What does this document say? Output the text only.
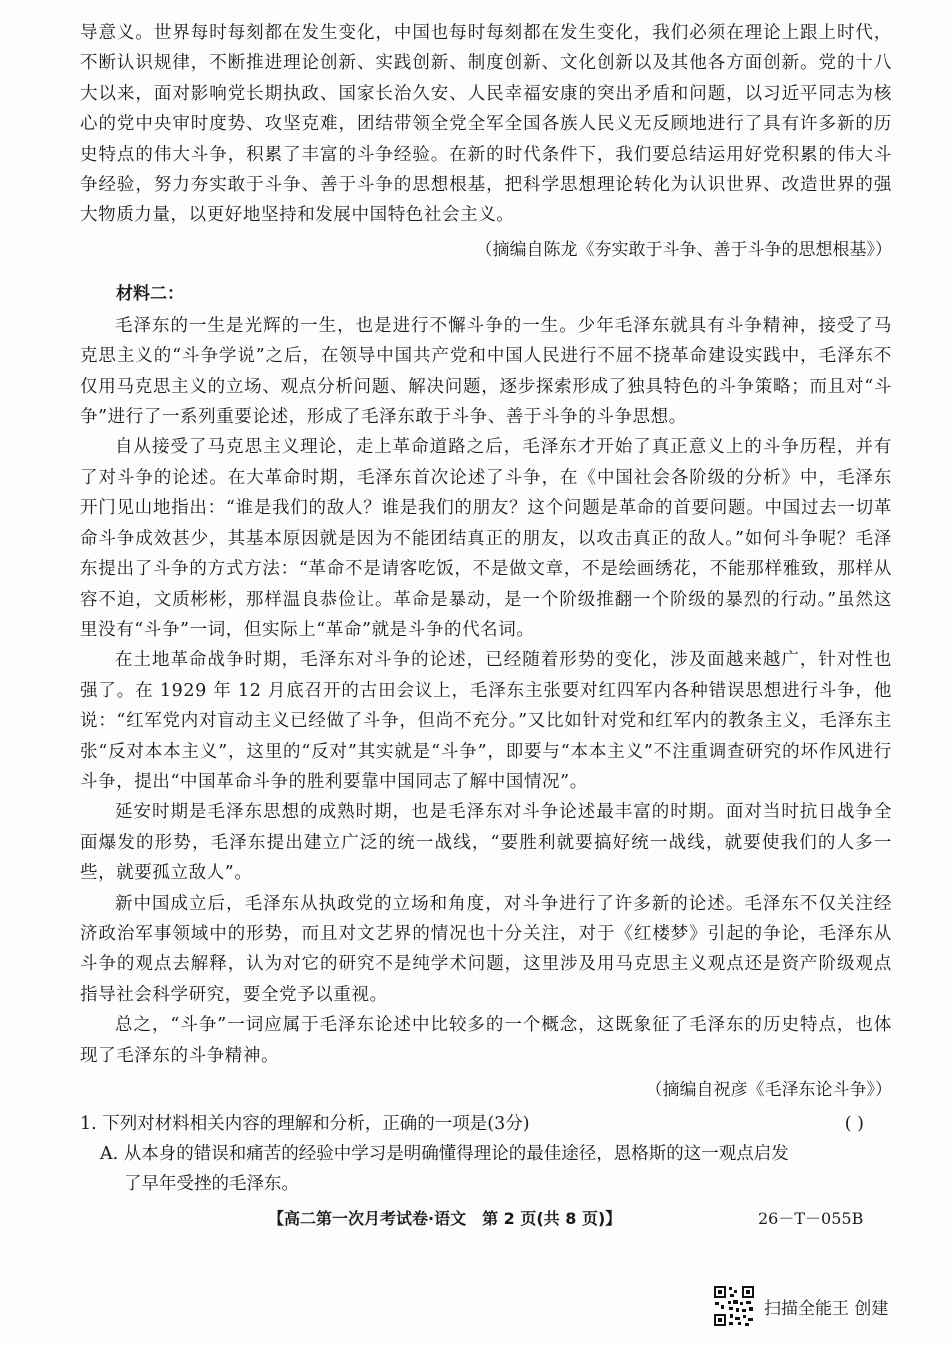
导意义。世界每时每刻都在发生变化，中国也每时每刻都在发生变化，我们必须在理论上跟上时代，不断认识规律，不断推进理论创新、实践创新、制度创新、文化创新以及其他各方面创新。党的十八大以来，面对影响党长期执政、国家长治久安、人民幸福安康的突出矛盾和问题，以习近平同志为核心的党中央审时度势、攻坚克难，团结带领全党全军全国各族人民义无反顾地进行了具有许多新的历史特点的伟大斗争，积累了丰富的斗争经验。在新的时代条件下，我们要总结运用好党积累的伟大斗争经验，努力夯实敢于斗争、善于斗争的思想根基，把科学思想理论转化为认识世界、改造世界的强大物质力量，以更好地坚持和发展中国特色社会主义。

（摘编自陈龙《夯实敢于斗争、善于斗争的思想根基》）

材料二：

毛泽东的一生是光辉的一生，也是进行不懈斗争的一生。少年毛泽东就具有斗争精神，接受了马克思主义的“斗争学说”之后，在领导中国共产党和中国人民进行不屈不挠革命建设实践中，毛泽东不仅用马克思主义的立场、观点分析问题、解决问题，逐步探索形成了独具特色的斗争策略；而且对“斗争”进行了一系列重要论述，形成了毛泽东敢于斗争、善于斗争的斗争思想。

自从接受了马克思主义理论，走上革命道路之后，毛泽东才开始了真正意义上的斗争历程，并有了对斗争的论述。在大革命时期，毛泽东首次论述了斗争，在《中国社会各阶级的分析》中，毛泽东开门见山地指出：“谁是我们的敌人？谁是我们的朋友？这个问题是革命的首要问题。中国过去一切革命斗争成效甚少，其基本原因就是因为不能团结真正的朋友，以攻击真正的敌人。”如何斗争呢？毛泽东提出了斗争的方式方法：“革命不是请客吃饭，不是做文章，不是绘画绣花，不能那样雅致，那样从容不迫，文质彬彬，那样温良恭俭让。革命是暴动，是一个阶级推翻一个阶级的暴烈的行动。”虽然这里没有“斗争”一词，但实际上“革命”就是斗争的代名词。

在土地革命战争时期，毛泽东对斗争的论述，已经随着形势的变化，涉及面越来越广，针对性也强了。在 1929 年 12 月底召开的古田会议上，毛泽东主张要对红四军内各种错误思想进行斗争，他说：“红军党内对盲动主义已经做了斗争，但尚不充分。”又比如针对党和红军内的教条主义，毛泽东主张“反对本本主义”，这里的“反对”其实就是“斗争”，即要与“本本主义”不注重调查研究的坏作风进行斗争，提出“中国革命斗争的胜利要靠中国同志了解中国情况”。

延安时期是毛泽东思想的成熟时期，也是毛泽东对斗争论述最丰富的时期。面对当时抗日战争全面爆发的形势，毛泽东提出建立广泛的统一战线，“要胜利就要搞好统一战线，就要使我们的人多一些，就要孤立敌人”。

新中国成立后，毛泽东从执政党的立场和角度，对斗争进行了许多新的论述。毛泽东不仅关注经济政治军事领域中的形势，而且对文艺界的情况也十分关注，对于《红楼梦》引起的争论，毛泽东从斗争的观点去解释，认为对它的研究不是纯学术问题，这里涉及用马克思主义观点还是资产阶级观点指导社会科学研究，要全党予以重视。

总之，“斗争”一词应属于毛泽东论述中比较多的一个概念，这既象征了毛泽东的历史特点，也体现了毛泽东的斗争精神。

（摘编自祝彦《毛泽东论斗争》）

1. 下列对材料相关内容的理解和分析，正确的一项是(3分)	( )

A. 从本身的错误和痛苦的经验中学习是明确懂得理论的最佳途径，恩格斯的这一观点启发

了早年受挫的毛泽东。

【高二第一次月考试卷·语文　第 2 页(共 8 页)】	26－T－055B
扫描全能王 创建
